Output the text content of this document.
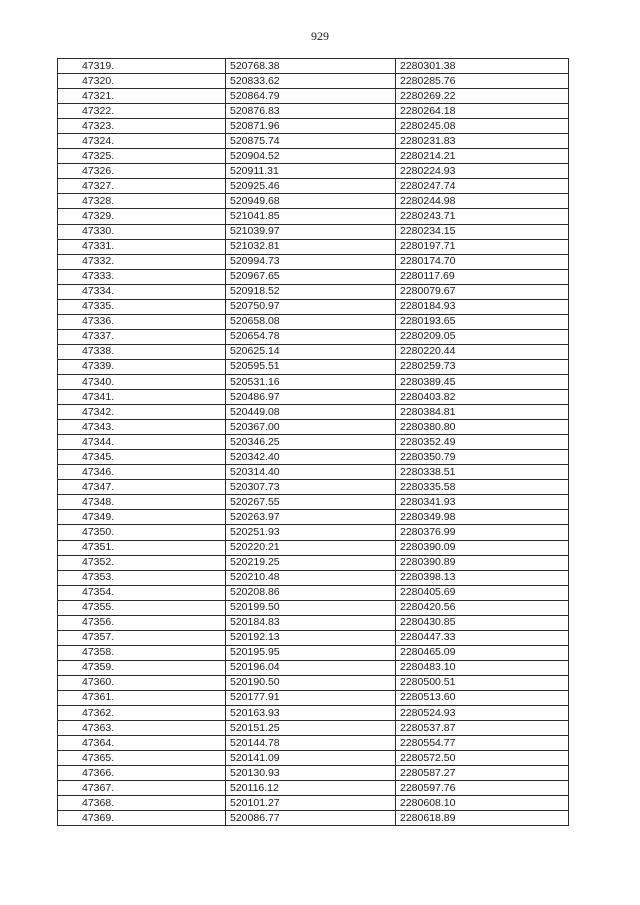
929
47319.	520768.38	2280301.38
47320.	520833.62	2280285.76
47321.	520864.79	2280269.22
47322.	520876.83	2280264.18
47323.	520871.96	2280245.08
47324.	520875.74	2280231.83
47325.	520904.52	2280214.21
47326.	520911.31	2280224.93
47327.	520925.46	2280247.74
47328.	520949.68	2280244.98
47329.	521041.85	2280243.71
47330.	521039.97	2280234.15
47331.	521032.81	2280197.71
47332.	520994.73	2280174.70
47333.	520967.65	2280117.69
47334.	520918.52	2280079.67
47335.	520750.97	2280184.93
47336.	520658.08	2280193.65
47337.	520654.78	2280209.05
47338.	520625.14	2280220.44
47339.	520595.51	2280259.73
47340.	520531.16	2280389.45
47341.	520486.97	2280403.82
47342.	520449.08	2280384.81
47343.	520367.00	2280380.80
47344.	520346.25	2280352.49
47345.	520342.40	2280350.79
47346.	520314.40	2280338.51
47347.	520307.73	2280335.58
47348.	520267.55	2280341.93
47349.	520263.97	2280349.98
47350.	520251.93	2280376.99
47351.	520220.21	2280390.09
47352.	520219.25	2280390.89
47353.	520210.48	2280398.13
47354.	520208.86	2280405.69
47355.	520199.50	2280420.56
47356.	520184.83	2280430.85
47357.	520192.13	2280447.33
47358.	520195.95	2280465.09
47359.	520196.04	2280483.10
47360.	520190.50	2280500.51
47361.	520177.91	2280513.60
47362.	520163.93	2280524.93
47363.	520151.25	2280537.87
47364.	520144.78	2280554.77
47365.	520141.09	2280572.50
47366.	520130.93	2280587.27
47367.	520116.12	2280597.76
47368.	520101.27	2280608.10
47369.	520086.77	2280618.89
